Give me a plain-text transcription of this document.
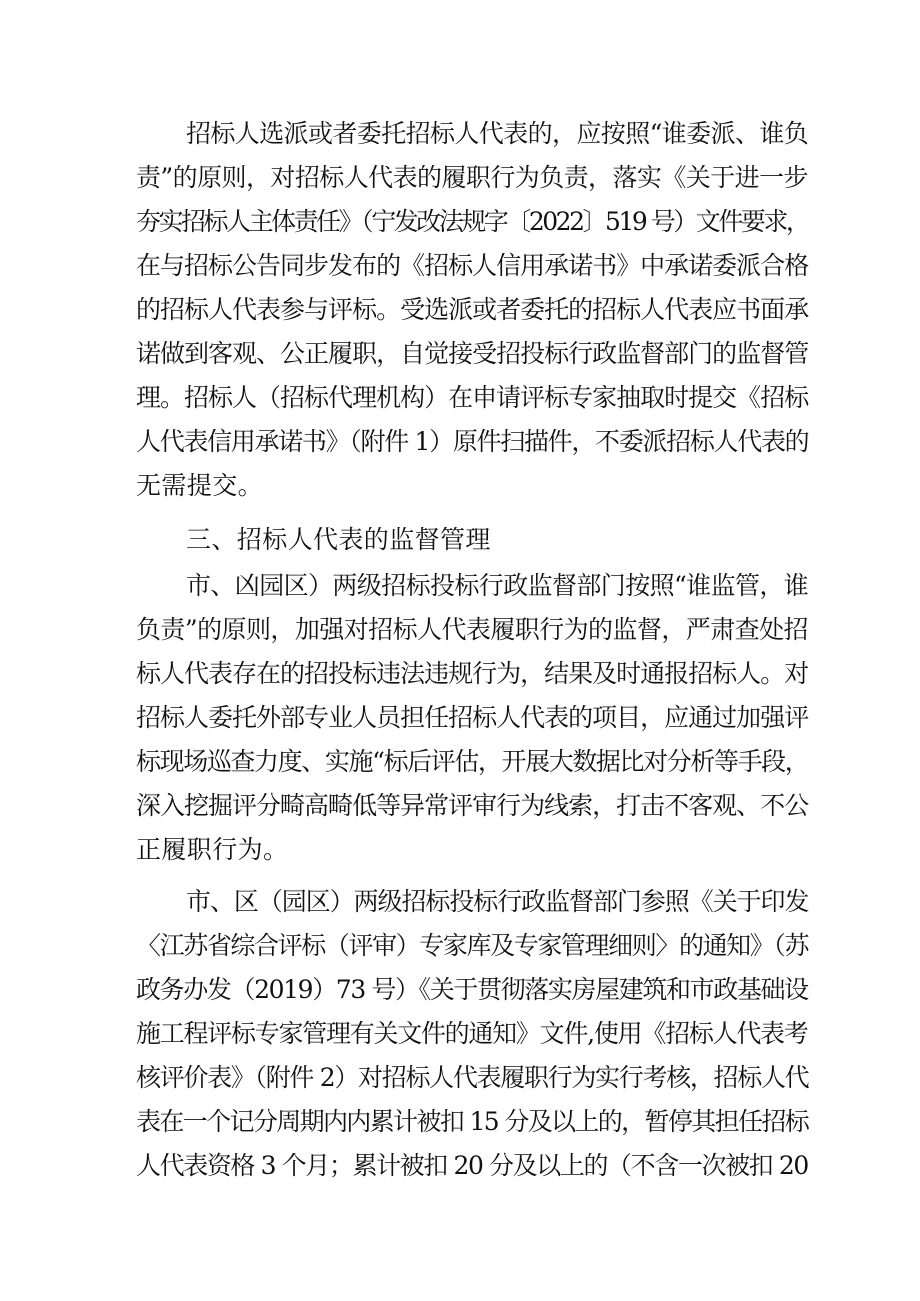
招标人选派或者委托招标人代表的，应按照“谁委派、谁负
责”的原则，对招标人代表的履职行为负责，落实《关于进一步
夯实招标人主体责任》（宁发改法规字〔2022〕519 号）文件要求，
在与招标公告同步发布的《招标人信用承诺书》中承诺委派合格
的招标人代表参与评标。受选派或者委托的招标人代表应书面承
诺做到客观、公正履职，自觉接受招投标行政监督部门的监督管
理。招标人（招标代理机构）在申请评标专家抽取时提交《招标
人代表信用承诺书》（附件 1）原件扫描件，不委派招标人代表的
无需提交。
三、招标人代表的监督管理
市、凶园区）两级招标投标行政监督部门按照“谁监管，谁
负责”的原则，加强对招标人代表履职行为的监督，严肃查处招
标人代表存在的招投标违法违规行为，结果及时通报招标人。对
招标人委托外部专业人员担任招标人代表的项目，应通过加强评
标现场巡查力度、实施“标后评估，开展大数据比对分析等手段，
深入挖掘评分畸高畸低等异常评审行为线索，打击不客观、不公
正履职行为。
市、区（园区）两级招标投标行政监督部门参照《关于印发
〈江苏省综合评标（评审）专家库及专家管理细则〉的通知》（苏
政务办发（2019）73 号）《关于贯彻落实房屋建筑和市政基础设
施工程评标专家管理有关文件的通知》文件,使用《招标人代表考
核评价表》（附件 2）对招标人代表履职行为实行考核，招标人代
表在一个记分周期内内累计被扣 15 分及以上的，暂停其担任招标
人代表资格 3 个月；累计被扣 20 分及以上的（不含一次被扣 20
